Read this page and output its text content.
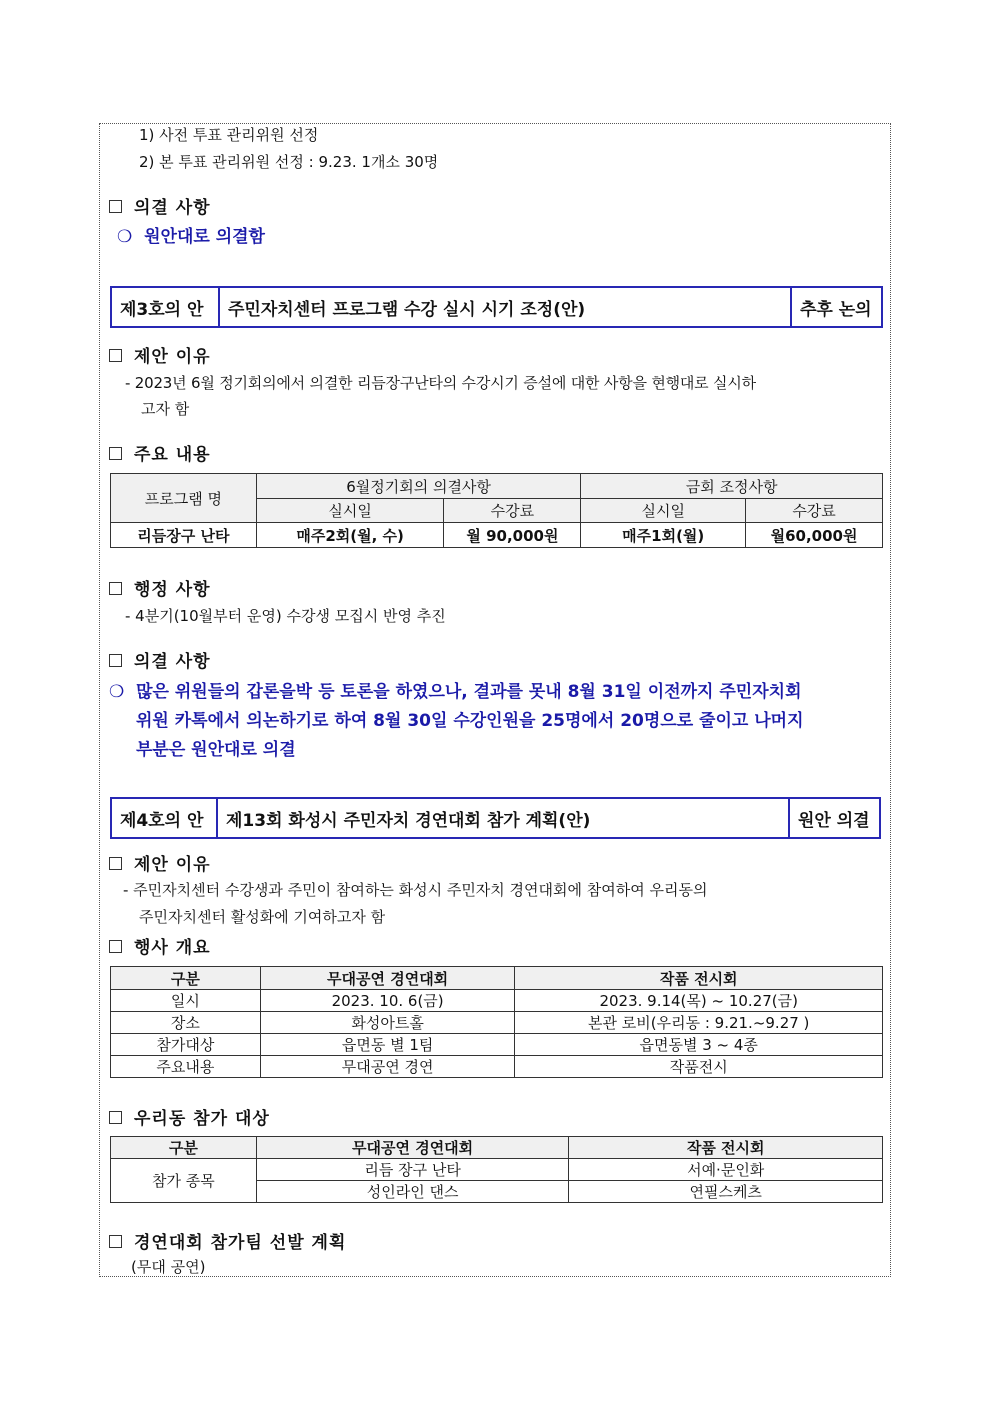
1) 사전 투표 관리위원 선정
2) 본 투표 관리위원 선정 : 9.23. 1개소 30명
의결 사항
❍ 원안대로 의결함
제3호의 안	주민자치센터 프로그램 수강 실시 시기 조정(안)	추후 논의
제안 이유
- 2023년 6월 정기회의에서 의결한 리듬장구난타의 수강시기 증설에 대한 사항을 현행대로 실시하
고자 함
주요 내용
프로그램 명	6월정기회의 의결사항		금회 조정사항	
	실시일	수강료	실시일	수강료
리듬장구 난타	매주2회(월, 수)	월 90,000원	매주1회(월)	월60,000원
행정 사항
- 4분기(10월부터 운영) 수강생 모집시 반영 추진
의결 사항
❍ 많은 위원들의 갑론을박 등 토론을 하였으나, 결과를 못내 8월 31일 이전까지 주민자치회
위원 카톡에서 의논하기로 하여 8월 30일 수강인원을 25명에서 20명으로 줄이고 나머지
부분은 원안대로 의결
제4호의 안	제13회 화성시 주민자치 경연대회 참가 계획(안)	원안 의결
제안 이유
- 주민자치센터 수강생과 주민이 참여하는 화성시 주민자치 경연대회에 참여하여 우리동의
주민자치센터 활성화에 기여하고자 함
행사 개요
구분	무대공연 경연대회	작품 전시회
일시	2023. 10. 6(금)	2023. 9.14(목) ~ 10.27(금)
장소	화성아트홀	본관 로비(우리동 : 9.21.~9.27 )
참가대상	읍면동 별 1팀	읍면동별 3 ~ 4종
주요내용	무대공연 경연	작품전시
우리동 참가 대상
구분	무대공연 경연대회	작품 전시회
참가 종목	리듬 장구 난타	서예·문인화
	성인라인 댄스	연필스케츠
경연대회 참가팀 선발 계획
(무대 공연)
